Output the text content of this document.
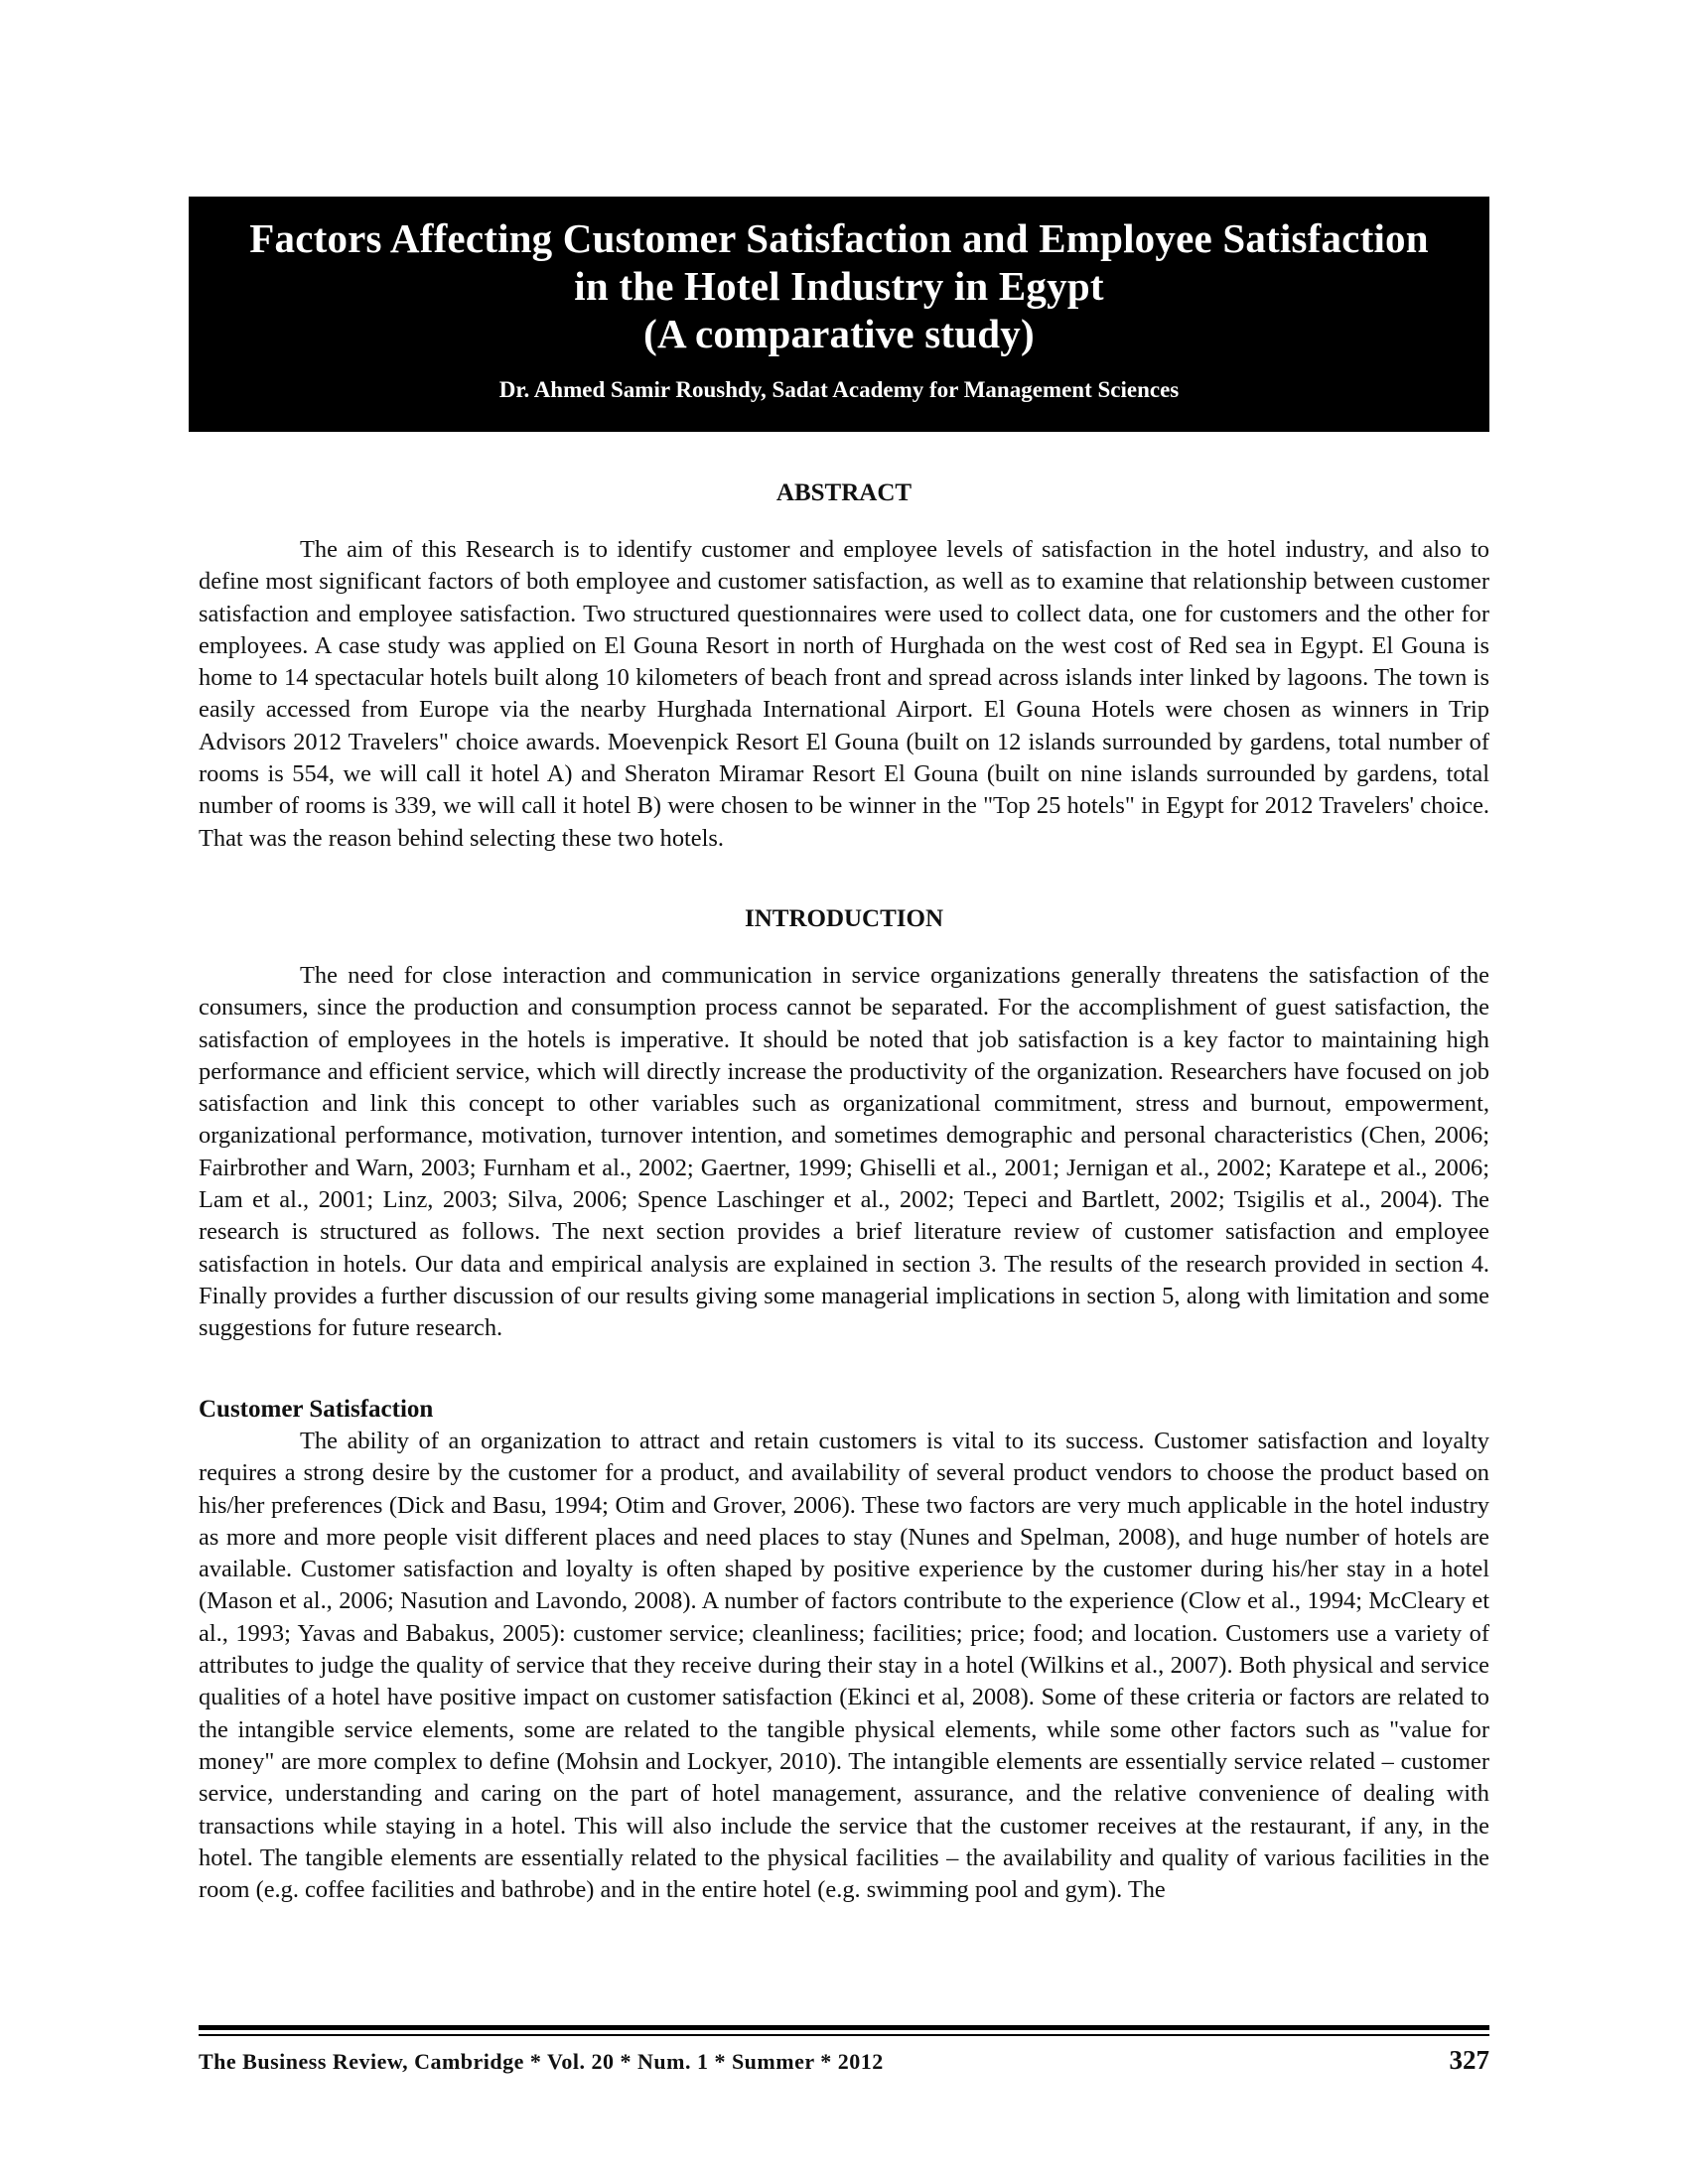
Factors Affecting Customer Satisfaction and Employee Satisfaction
in the Hotel Industry in Egypt
(A comparative study)
Dr. Ahmed Samir Roushdy, Sadat Academy for Management Sciences
ABSTRACT

The aim of this Research is to identify customer and employee levels of satisfaction in the hotel industry, and also to define most significant factors of both employee and customer satisfaction, as well as to examine that relationship between customer satisfaction and employee satisfaction. Two structured questionnaires were used to collect data, one for customers and the other for employees. A case study was applied on El Gouna Resort in north of Hurghada on the west cost of Red sea in Egypt. El Gouna is home to 14 spectacular hotels built along 10 kilometers of beach front and spread across islands inter linked by lagoons. The town is easily accessed from Europe via the nearby Hurghada International Airport. El Gouna Hotels were chosen as winners in Trip Advisors 2012 Travelers" choice awards. Moevenpick Resort El Gouna (built on 12 islands surrounded by gardens, total number of rooms is 554, we will call it hotel A) and Sheraton Miramar Resort El Gouna (built on nine islands surrounded by gardens, total number of rooms is 339, we will call it hotel B) were chosen to be winner in the "Top 25 hotels" in Egypt for 2012 Travelers' choice. That was the reason behind selecting these two hotels.

INTRODUCTION

The need for close interaction and communication in service organizations generally threatens the satisfaction of the consumers, since the production and consumption process cannot be separated. For the accomplishment of guest satisfaction, the satisfaction of employees in the hotels is imperative. It should be noted that job satisfaction is a key factor to maintaining high performance and efficient service, which will directly increase the productivity of the organization. Researchers have focused on job satisfaction and link this concept to other variables such as organizational commitment, stress and burnout, empowerment, organizational performance, motivation, turnover intention, and sometimes demographic and personal characteristics (Chen, 2006; Fairbrother and Warn, 2003; Furnham et al., 2002; Gaertner, 1999; Ghiselli et al., 2001; Jernigan et al., 2002; Karatepe et al., 2006; Lam et al., 2001; Linz, 2003; Silva, 2006; Spence Laschinger et al., 2002; Tepeci and Bartlett, 2002; Tsigilis et al., 2004). The research is structured as follows. The next section provides a brief literature review of customer satisfaction and employee satisfaction in hotels. Our data and empirical analysis are explained in section 3. The results of the research provided in section 4. Finally provides a further discussion of our results giving some managerial implications in section 5, along with limitation and some suggestions for future research.

Customer Satisfaction

The ability of an organization to attract and retain customers is vital to its success. Customer satisfaction and loyalty requires a strong desire by the customer for a product, and availability of several product vendors to choose the product based on his/her preferences (Dick and Basu, 1994; Otim and Grover, 2006). These two factors are very much applicable in the hotel industry as more and more people visit different places and need places to stay (Nunes and Spelman, 2008), and huge number of hotels are available. Customer satisfaction and loyalty is often shaped by positive experience by the customer during his/her stay in a hotel (Mason et al., 2006; Nasution and Lavondo, 2008). A number of factors contribute to the experience (Clow et al., 1994; McCleary et al., 1993; Yavas and Babakus, 2005): customer service; cleanliness; facilities; price; food; and location. Customers use a variety of attributes to judge the quality of service that they receive during their stay in a hotel (Wilkins et al., 2007). Both physical and service qualities of a hotel have positive impact on customer satisfaction (Ekinci et al, 2008). Some of these criteria or factors are related to the intangible service elements, some are related to the tangible physical elements, while some other factors such as "value for money" are more complex to define (Mohsin and Lockyer, 2010). The intangible elements are essentially service related – customer service, understanding and caring on the part of hotel management, assurance, and the relative convenience of dealing with transactions while staying in a hotel. This will also include the service that the customer receives at the restaurant, if any, in the hotel. The tangible elements are essentially related to the physical facilities – the availability and quality of various facilities in the room (e.g. coffee facilities and bathrobe) and in the entire hotel (e.g. swimming pool and gym). The

The Business Review, Cambridge * Vol. 20 * Num. 1 * Summer * 2012	327
